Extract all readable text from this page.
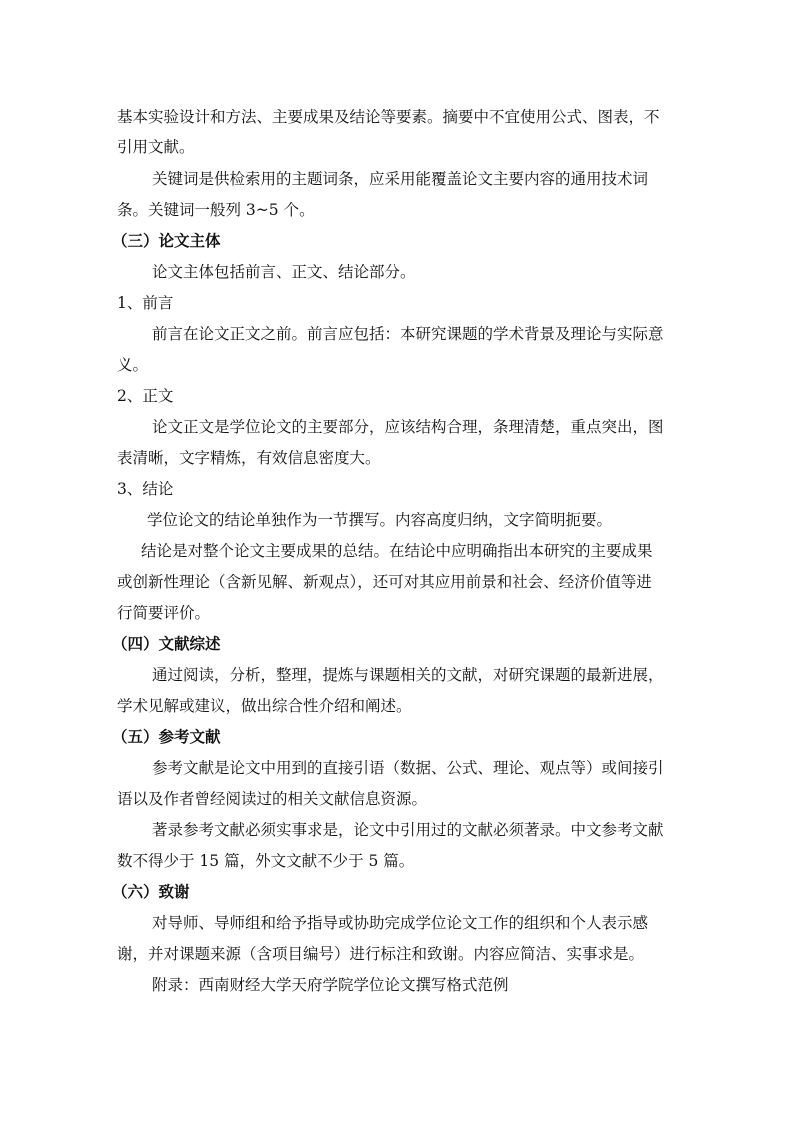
基本实验设计和方法、主要成果及结论等要素。摘要中不宜使用公式、图表，不
引用文献。
关键词是供检索用的主题词条，应采用能覆盖论文主要内容的通用技术词
条。关键词一般列 3~5 个。
（三）论文主体
论文主体包括前言、正文、结论部分。
1、前言
前言在论文正文之前。前言应包括：本研究课题的学术背景及理论与实际意
义。
2、正文
论文正文是学位论文的主要部分，应该结构合理，条理清楚，重点突出，图
表清晰，文字精炼，有效信息密度大。
3、结论
学位论文的结论单独作为一节撰写。内容高度归纳，文字简明扼要。
结论是对整个论文主要成果的总结。在结论中应明确指出本研究的主要成果
或创新性理论（含新见解、新观点），还可对其应用前景和社会、经济价值等进
行简要评价。
（四）文献综述
通过阅读，分析，整理，提炼与课题相关的文献，对研究课题的最新进展，
学术见解或建议，做出综合性介绍和阐述。
（五）参考文献
参考文献是论文中用到的直接引语（数据、公式、理论、观点等）或间接引
语以及作者曾经阅读过的相关文献信息资源。
著录参考文献必须实事求是，论文中引用过的文献必须著录。中文参考文献
数不得少于 15 篇，外文文献不少于 5 篇。
（六）致谢
对导师、导师组和给予指导或协助完成学位论文工作的组织和个人表示感
谢，并对课题来源（含项目编号）进行标注和致谢。内容应简洁、实事求是。
附录：西南财经大学天府学院学位论文撰写格式范例
